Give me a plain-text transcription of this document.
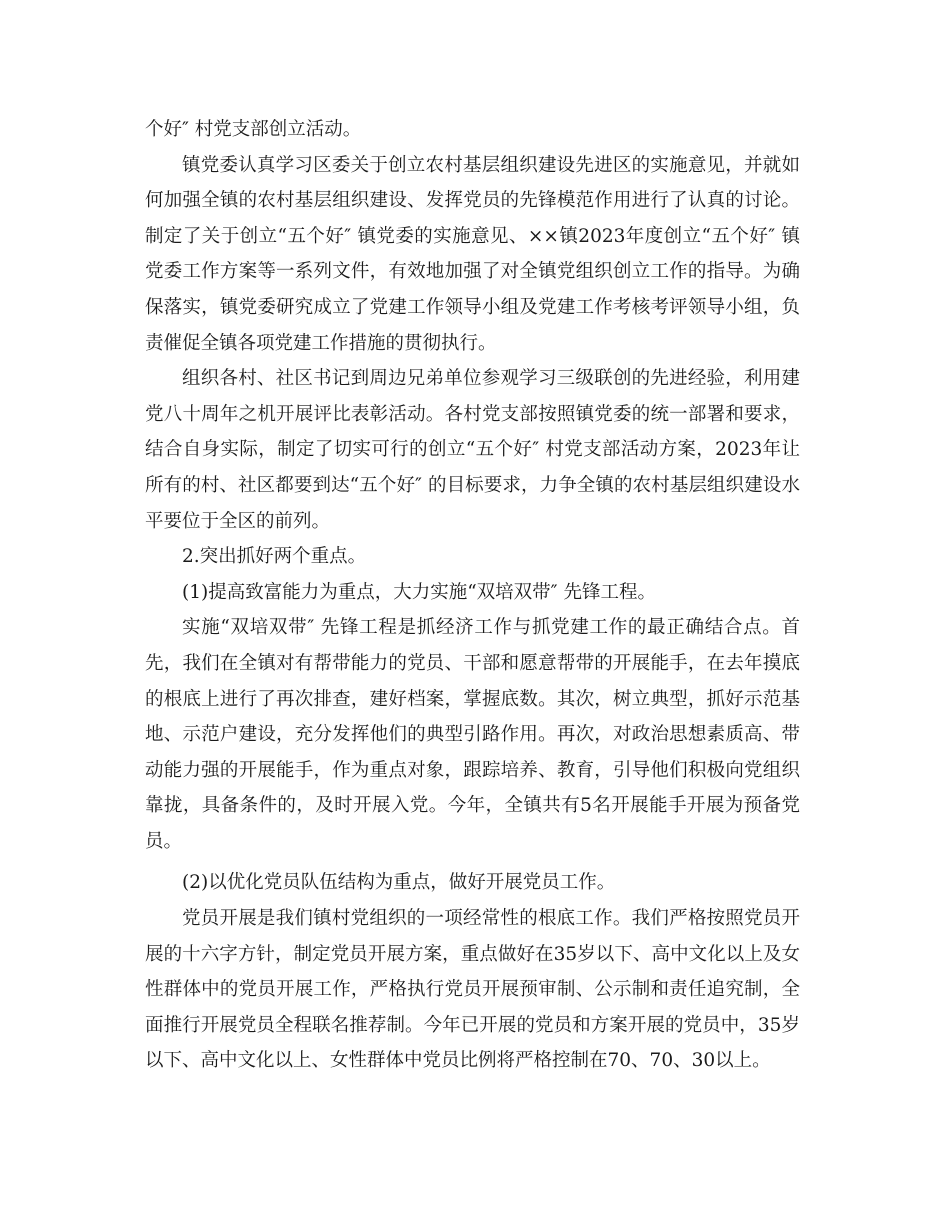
个好″ 村党支部创立活动。

镇党委认真学习区委关于创立农村基层组织建设先进区的实施意见，并就如何加强全镇的农村基层组织建设、发挥党员的先锋模范作用进行了认真的讨论。制定了关于创立“五个好″ 镇党委的实施意见、××镇2023年度创立“五个好″ 镇党委工作方案等一系列文件，有效地加强了对全镇党组织创立工作的指导。为确保落实，镇党委研究成立了党建工作领导小组及党建工作考核考评领导小组，负责催促全镇各项党建工作措施的贯彻执行。

组织各村、社区书记到周边兄弟单位参观学习三级联创的先进经验，利用建党八十周年之机开展评比表彰活动。各村党支部按照镇党委的统一部署和要求，结合自身实际，制定了切实可行的创立“五个好″ 村党支部活动方案，2023年让所有的村、社区都要到达“五个好″ 的目标要求，力争全镇的农村基层组织建设水平要位于全区的前列。

2.突出抓好两个重点。

(1)提高致富能力为重点，大力实施“双培双带″ 先锋工程。

实施“双培双带″ 先锋工程是抓经济工作与抓党建工作的最正确结合点。首先，我们在全镇对有帮带能力的党员、干部和愿意帮带的开展能手，在去年摸底的根底上进行了再次排查，建好档案，掌握底数。其次，树立典型，抓好示范基地、示范户建设，充分发挥他们的典型引路作用。再次，对政治思想素质高、带动能力强的开展能手，作为重点对象，跟踪培养、教育，引导他们积极向党组织靠拢，具备条件的，及时开展入党。今年，全镇共有5名开展能手开展为预备党员。

(2)以优化党员队伍结构为重点，做好开展党员工作。

党员开展是我们镇村党组织的一项经常性的根底工作。我们严格按照党员开展的十六字方针，制定党员开展方案，重点做好在35岁以下、高中文化以上及女性群体中的党员开展工作，严格执行党员开展预审制、公示制和责任追究制，全面推行开展党员全程联名推荐制。今年已开展的党员和方案开展的党员中，35岁以下、高中文化以上、女性群体中党员比例将严格控制在70、70、30以上。
